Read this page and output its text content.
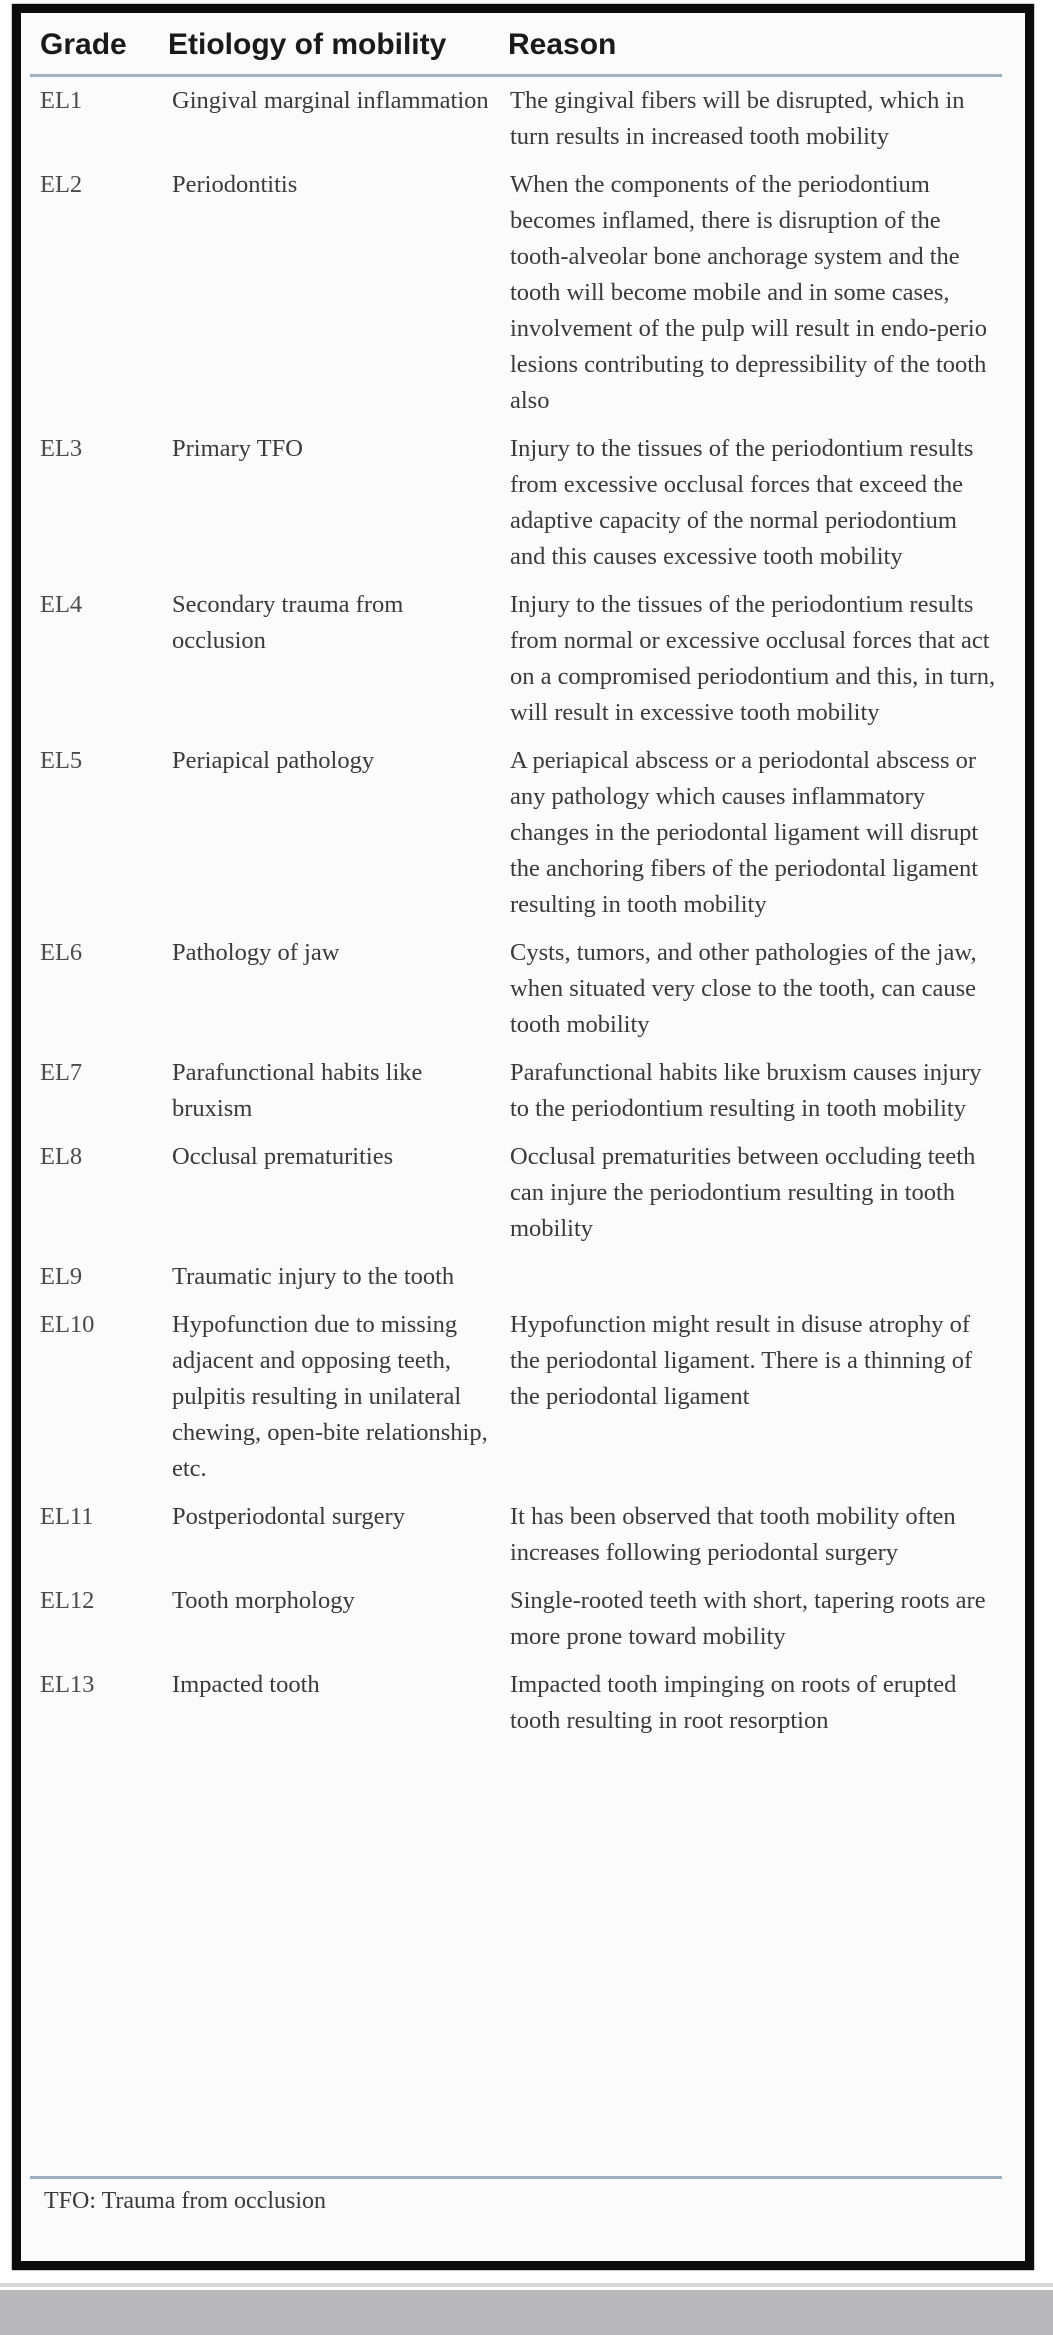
Grade	Etiology of mobility	Reason
EL1	Gingival marginal inflammation	The gingival fibers will be disrupted, which in turn results in increased tooth mobility
EL2	Periodontitis	When the components of the periodontium becomes inflamed, there is disruption of the tooth-alveolar bone anchorage system and the tooth will become mobile and in some cases, involvement of the pulp will result in endo-perio lesions contributing to depressibility of the tooth also
EL3	Primary TFO	Injury to the tissues of the periodontium results from excessive occlusal forces that exceed the adaptive capacity of the normal periodontium and this causes excessive tooth mobility
EL4	Secondary trauma from occlusion	Injury to the tissues of the periodontium results from normal or excessive occlusal forces that act on a compromised periodontium and this, in turn, will result in excessive tooth mobility
EL5	Periapical pathology	A periapical abscess or a periodontal abscess or any pathology which causes inflammatory changes in the periodontal ligament will disrupt the anchoring fibers of the periodontal ligament resulting in tooth mobility
EL6	Pathology of jaw	Cysts, tumors, and other pathologies of the jaw, when situated very close to the tooth, can cause tooth mobility
EL7	Parafunctional habits like bruxism	Parafunctional habits like bruxism causes injury to the periodontium resulting in tooth mobility
EL8	Occlusal prematurities	Occlusal prematurities between occluding teeth can injure the periodontium resulting in tooth mobility
EL9	Traumatic injury to the tooth	
EL10	Hypofunction due to missing adjacent and opposing teeth, pulpitis resulting in unilateral chewing, open-bite relationship, etc.	Hypofunction might result in disuse atrophy of the periodontal ligament. There is a thinning of the periodontal ligament
EL11	Postperiodontal surgery	It has been observed that tooth mobility often increases following periodontal surgery
EL12	Tooth morphology	Single-rooted teeth with short, tapering roots are more prone toward mobility
EL13	Impacted tooth	Impacted tooth impinging on roots of erupted tooth resulting in root resorption
TFO: Trauma from occlusion
